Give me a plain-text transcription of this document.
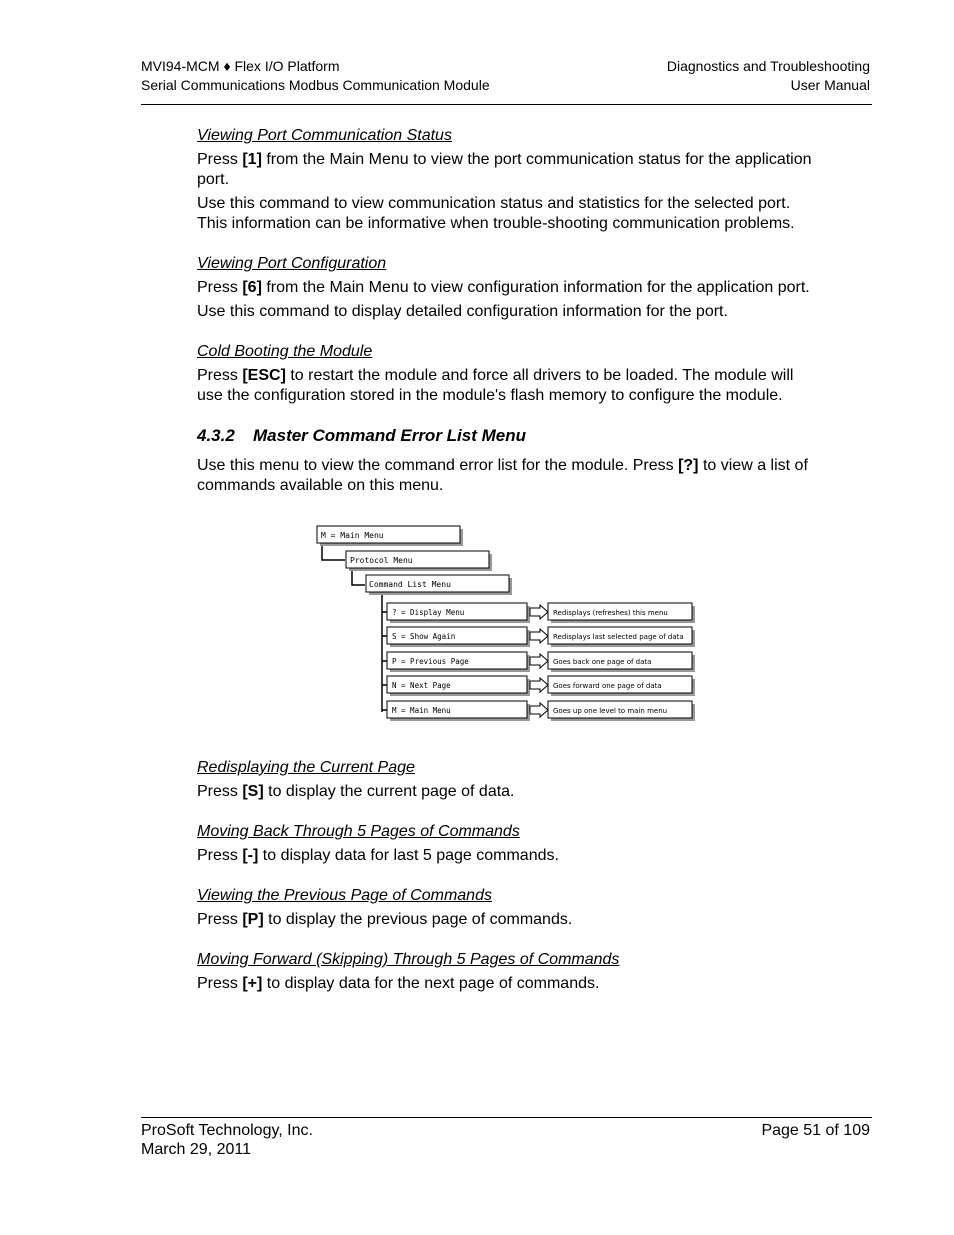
MVI94-MCM ♦ Flex I/O Platform
Serial Communications Modbus Communication Module
Diagnostics and Troubleshooting
User Manual
Viewing Port Communication Status
Press [1] from the Main Menu to view the port communication status for the application port.
Use this command to view communication status and statistics for the selected port. This information can be informative when trouble-shooting communication problems.
Viewing Port Configuration
Press [6] from the Main Menu to view configuration information for the application port.
Use this command to display detailed configuration information for the port.
Cold Booting the Module
Press [ESC] to restart the module and force all drivers to be loaded. The module will use the configuration stored in the module's flash memory to configure the module.
4.3.2 Master Command Error List Menu
Use this menu to view the command error list for the module. Press [?] to view a list of commands available on this menu.
M = Main Menu
Protocol Menu
Command List Menu
? = Display Menu	Redisplays (refreshes) this menu
S = Show Again	Redisplays last selected page of data
P = Previous Page	Goes back one page of data
N = Next Page	Goes forward one page of data
M = Main Menu	Goes up one level to main menu
Redisplaying the Current Page
Press [S] to display the current page of data.
Moving Back Through 5 Pages of Commands
Press [-] to display data for last 5 page commands.
Viewing the Previous Page of Commands
Press [P] to display the previous page of commands.
Moving Forward (Skipping) Through 5 Pages of Commands
Press [+] to display data for the next page of commands.
ProSoft Technology, Inc.
March 29, 2011
Page 51 of 109
